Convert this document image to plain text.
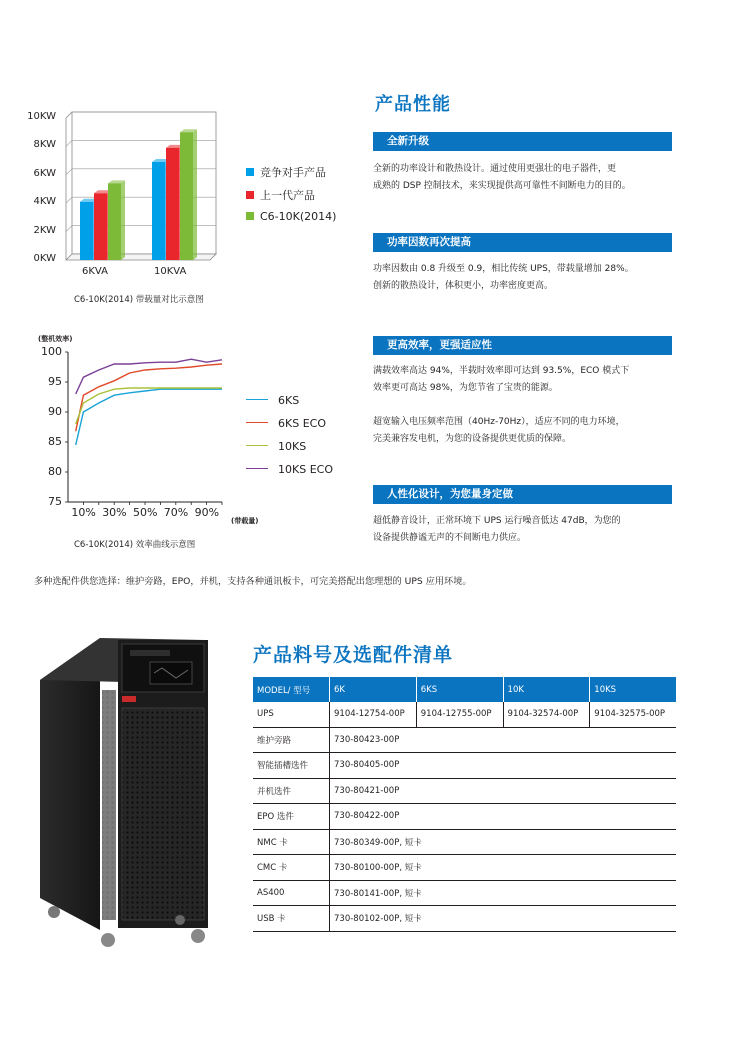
0KW
2KW
4KW
6KW
8KW
10KW
6KVA	10KVA
竞争对手产品
上一代产品
C6-10K(2014)
C6-10K(2014) 带载量对比示意图
(整机效率)
(带载量)
75
80
85
90
95
100
10% 30% 50% 70% 90%
6KS
6KS ECO
10KS
10KS ECO
C6-10K(2014) 效率曲线示意图
产品性能
全新升级
全新的功率设计和散热设计。通过使用更强壮的电子器件，更
成熟的 DSP 控制技术，来实现提供高可靠性不间断电力的目的。
功率因数再次提高
功率因数由 0.8 升级至 0.9，相比传统 UPS，带载量增加 28%。
创新的散热设计，体积更小，功率密度更高。
更高效率，更强适应性
满载效率高达 94%，半载时效率即可达到 93.5%，ECO 模式下
效率更可高达 98%，为您节省了宝贵的能源。
超宽输入电压频率范围（40Hz-70Hz），适应不同的电力环境，
完美兼容发电机，为您的设备提供更优质的保障。
人性化设计，为您量身定做
超低静音设计，正常环境下 UPS 运行噪音低达 47dB，为您的
设备提供静谧无声的不间断电力供应。
多种选配件供您选择：维护旁路，EPO，并机，支持各种通讯板卡，可完美搭配出您理想的 UPS 应用环境。
产品料号及选配件清单
MODEL/ 型号	6K	6KS	10K	10KS
UPS	9104-12754-00P	9104-12755-00P	9104-32574-00P	9104-32575-00P
维护旁路	730-80423-00P			
智能插槽选件	730-80405-00P			
并机选件	730-80421-00P			
EPO 选件	730-80422-00P			
NMC 卡	730-80349-00P, 短卡			
CMC 卡	730-80100-00P, 短卡			
AS400	730-80141-00P, 短卡			
USB 卡	730-80102-00P, 短卡			
